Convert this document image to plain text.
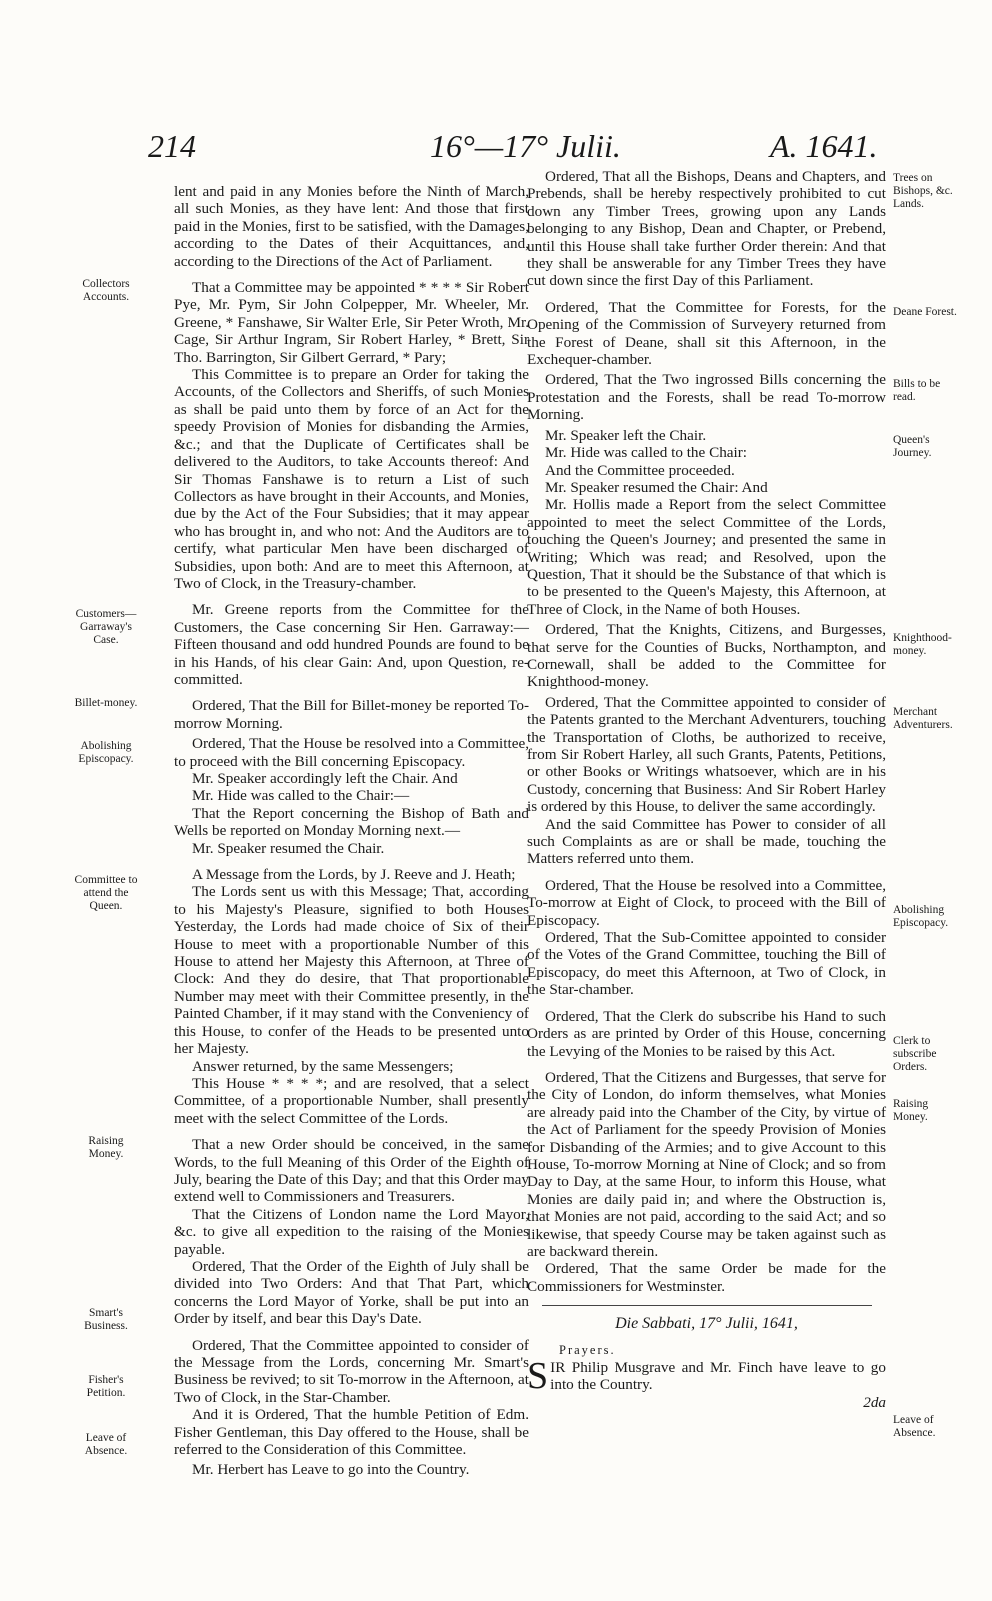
214	16°—17° Julii.	A. 1641.
Collectors Accounts.
Customers—Garraway's Case.
Billet-money.
Abolishing Episcopacy.
Committee to attend the Queen.
Raising Money.
Smart's Business.
Fisher's Petition.
Leave of Absence.
Trees on Bishops, &c. Lands.
Deane Forest.
Bills to be read.
Queen's Journey.
Knighthood-money.
Merchant Adventurers.
Abolishing Episcopacy.
Clerk to subscribe Orders.
Raising Money.
Leave of Absence.

lent and paid in any Monies before the Ninth of March, all such Monies, as they have lent: And those that first paid in the Monies, first to be satisfied, with the Damages, according to the Dates of their Acquittances, and, according to the Directions of the Act of Parliament.

That a Committee may be appointed * * * * Sir Robert Pye, Mr. Pym, Sir John Colpepper, Mr. Wheeler, Mr. Greene, * Fanshawe, Sir Walter Erle, Sir Peter Wroth, Mr. Cage, Sir Arthur Ingram, Sir Robert Harley, * Brett, Sir Tho. Barrington, Sir Gilbert Gerrard, * Pary;

This Committee is to prepare an Order for taking the Accounts, of the Collectors and Sheriffs, of such Monies as shall be paid unto them by force of an Act for the speedy Provision of Monies for disbanding the Armies, &c.; and that the Duplicate of Certificates shall be delivered to the Auditors, to take Accounts thereof: And Sir Thomas Fanshawe is to return a List of such Collectors as have brought in their Accounts, and Monies, due by the Act of the Four Subsidies; that it may appear who has brought in, and who not: And the Auditors are to certify, what particular Men have been discharged of Subsidies, upon both: And are to meet this Afternoon, at Two of Clock, in the Treasury-chamber.

Mr. Greene reports from the Committee for the Customers, the Case concerning Sir Hen. Garraway:— Fifteen thousand and odd hundred Pounds are found to be in his Hands, of his clear Gain: And, upon Question, re-committed.

Ordered, That the Bill for Billet-money be reported To-morrow Morning.

Ordered, That the House be resolved into a Committee, to proceed with the Bill concerning Episcopacy.

Mr. Speaker accordingly left the Chair. And

Mr. Hide was called to the Chair:—

That the Report concerning the Bishop of Bath and Wells be reported on Monday Morning next.—

Mr. Speaker resumed the Chair.

A Message from the Lords, by J. Reeve and J. Heath;

The Lords sent us with this Message; That, according to his Majesty's Pleasure, signified to both Houses Yesterday, the Lords had made choice of Six of their House to meet with a proportionable Number of this House to attend her Majesty this Afternoon, at Three of Clock: And they do desire, that That proportionable Number may meet with their Committee presently, in the Painted Chamber, if it may stand with the Conveniency of this House, to confer of the Heads to be presented unto her Majesty.

Answer returned, by the same Messengers;

This House * * * *; and are resolved, that a select Committee, of a proportionable Number, shall presently meet with the select Committee of the Lords.

That a new Order should be conceived, in the same Words, to the full Meaning of this Order of the Eighth of July, bearing the Date of this Day; and that this Order may extend well to Commissioners and Treasurers.

That the Citizens of London name the Lord Mayor, &c. to give all expedition to the raising of the Monies payable.

Ordered, That the Order of the Eighth of July shall be divided into Two Orders: And that That Part, which concerns the Lord Mayor of Yorke, shall be put into an Order by itself, and bear this Day's Date.

Ordered, That the Committee appointed to consider of the Message from the Lords, concerning Mr. Smart's Business be revived; to sit To-morrow in the Afternoon, at Two of Clock, in the Star-Chamber.

And it is Ordered, That the humble Petition of Edm. Fisher Gentleman, this Day offered to the House, shall be referred to the Consideration of this Committee.

Mr. Herbert has Leave to go into the Country.

Ordered, That all the Bishops, Deans and Chapters, and Prebends, shall be hereby respectively prohibited to cut down any Timber Trees, growing upon any Lands belonging to any Bishop, Dean and Chapter, or Prebend, until this House shall take further Order therein: And that they shall be answerable for any Timber Trees they have cut down since the first Day of this Parliament.

Ordered, That the Committee for Forests, for the Opening of the Commission of Surveyery returned from the Forest of Deane, shall sit this Afternoon, in the Exchequer-chamber.

Ordered, That the Two ingrossed Bills concerning the Protestation and the Forests, shall be read To-morrow Morning.

Mr. Speaker left the Chair.

Mr. Hide was called to the Chair:

And the Committee proceeded.

Mr. Speaker resumed the Chair: And

Mr. Hollis made a Report from the select Committee appointed to meet the select Committee of the Lords, touching the Queen's Journey; and presented the same in Writing; Which was read; and Resolved, upon the Question, That it should be the Substance of that which is to be presented to the Queen's Majesty, this Afternoon, at Three of Clock, in the Name of both Houses.

Ordered, That the Knights, Citizens, and Burgesses, that serve for the Counties of Bucks, Northampton, and Cornewall, shall be added to the Committee for Knighthood-money.

Ordered, That the Committee appointed to consider of the Patents granted to the Merchant Adventurers, touching the Transportation of Cloths, be authorized to receive, from Sir Robert Harley, all such Grants, Patents, Petitions, or other Books or Writings whatsoever, which are in his Custody, concerning that Business: And Sir Robert Harley is ordered by this House, to deliver the same accordingly.

And the said Committee has Power to consider of all such Complaints as are or shall be made, touching the Matters referred unto them.

Ordered, That the House be resolved into a Committee, To-morrow at Eight of Clock, to proceed with the Bill of Episcopacy.

Ordered, That the Sub-Comittee appointed to consider of the Votes of the Grand Committee, touching the Bill of Episcopacy, do meet this Afternoon, at Two of Clock, in the Star-chamber.

Ordered, That the Clerk do subscribe his Hand to such Orders as are printed by Order of this House, concerning the Levying of the Monies to be raised by this Act.

Ordered, That the Citizens and Burgesses, that serve for the City of London, do inform themselves, what Monies are already paid into the Chamber of the City, by virtue of the Act of Parliament for the speedy Provision of Monies for Disbanding of the Armies; and to give Account to this House, To-morrow Morning at Nine of Clock; and so from Day to Day, at the same Hour, to inform this House, what Monies are daily paid in; and where the Obstruction is, that Monies are not paid, according to the said Act; and so likewise, that speedy Course may be taken against such as are backward therein.

Ordered, That the same Order be made for the Commissioners for Westminster.

Die Sabbati, 17° Julii, 1641,

Prayers.

SIR Philip Musgrave and Mr. Finch have leave to go into the Country.

2da
